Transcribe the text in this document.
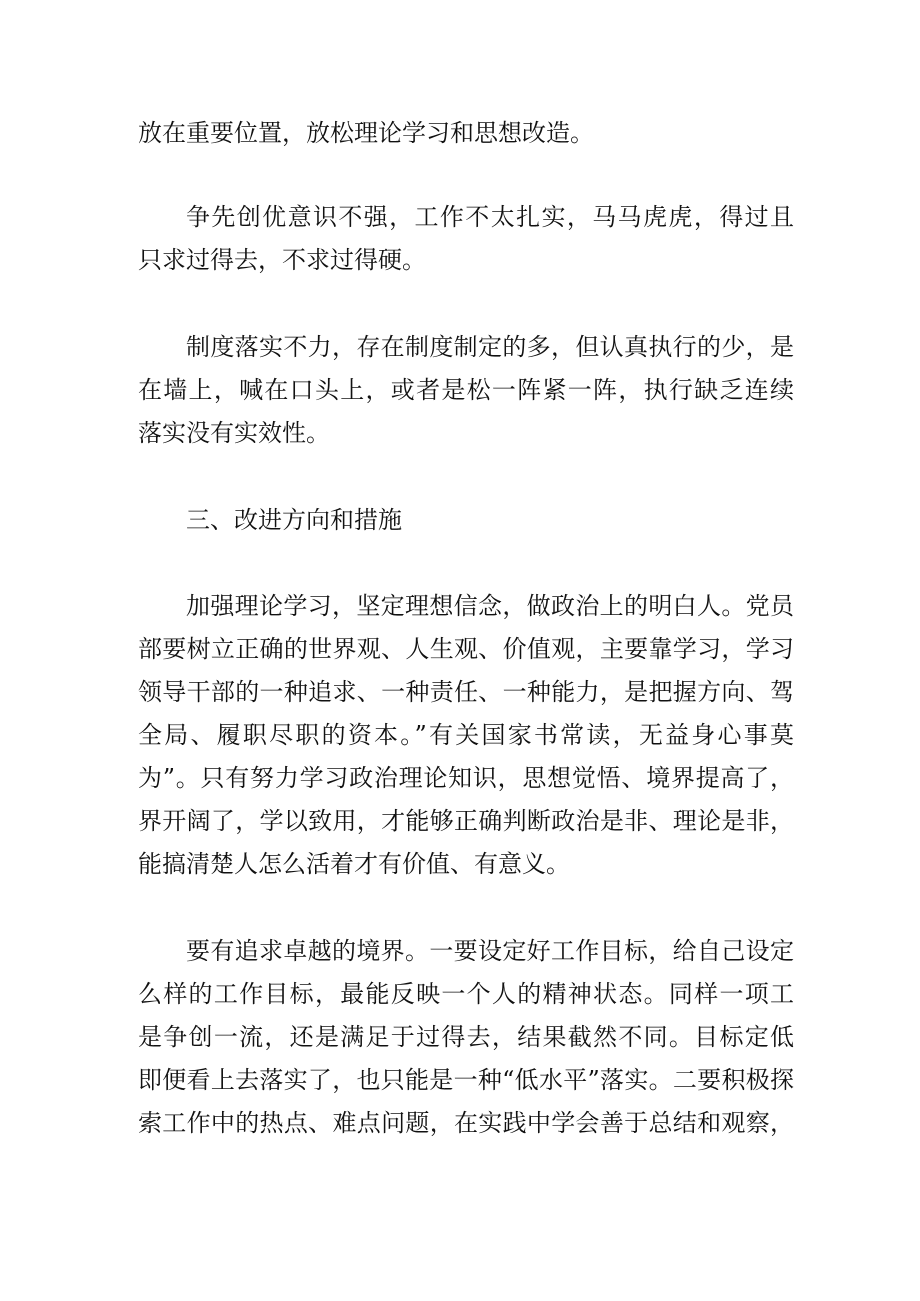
放在重要位置，放松理论学习和思想改造。
争先创优意识不强，工作不太扎实，马马虎虎，得过且
只求过得去，不求过得硬。
制度落实不力，存在制度制定的多，但认真执行的少，是
在墙上，喊在口头上，或者是松一阵紧一阵，执行缺乏连续
落实没有实效性。
三、改进方向和措施
加强理论学习，坚定理想信念，做政治上的明白人。党员
部要树立正确的世界观、人生观、价值观，主要靠学习，学习
领导干部的一种追求、一种责任、一种能力，是把握方向、驾
全局、履职尽职的资本。”有关国家书常读，无益身心事莫
为”。只有努力学习政治理论知识，思想觉悟、境界提高了，
界开阔了，学以致用，才能够正确判断政治是非、理论是非，
能搞清楚人怎么活着才有价值、有意义。
要有追求卓越的境界。一要设定好工作目标，给自己设定
么样的工作目标，最能反映一个人的精神状态。同样一项工
是争创一流，还是满足于过得去，结果截然不同。目标定低
即便看上去落实了，也只能是一种“低水平”落实。二要积极探
索工作中的热点、难点问题，在实践中学会善于总结和观察，
